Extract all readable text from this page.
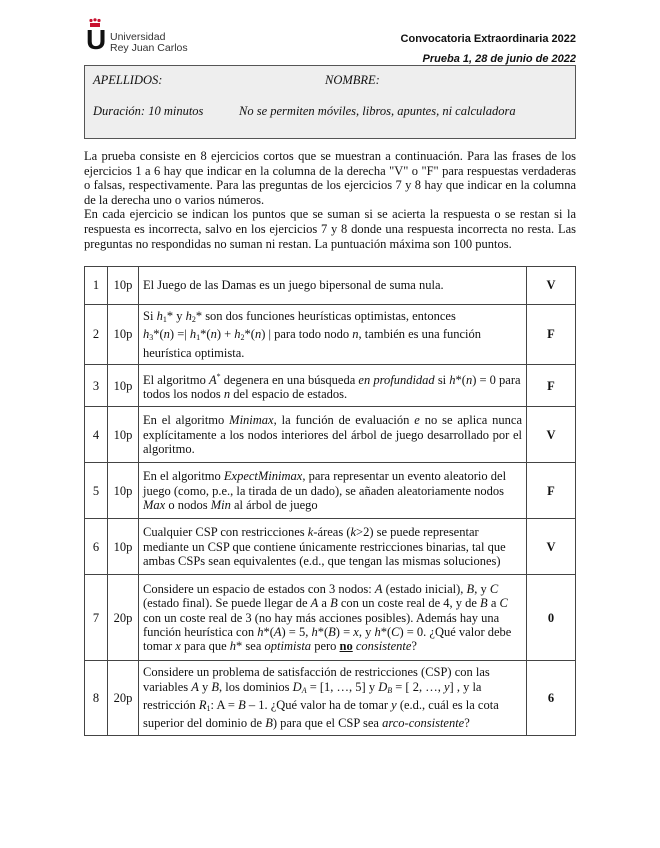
U Universidad
Rey Juan Carlos
Convocatoria Extraordinaria 2022
Prueba 1, 28 de junio de 2022
APELLIDOS:	NOMBRE:
Duración: 10 minutos	No se permiten móviles, libros, apuntes, ni calculadora

La prueba consiste en 8 ejercicios cortos que se muestran a continuación. Para las frases de los ejercicios 1 a 6 hay que indicar en la columna de la derecha "V" o "F" para respuestas verdaderas o falsas, respectivamente. Para las preguntas de los ejercicios 7 y 8 hay que indicar en la columna de la derecha uno o varios números.

En cada ejercicio se indican los puntos que se suman si se acierta la respuesta o se restan si la respuesta es incorrecta, salvo en los ejercicios 7 y 8 donde una respuesta incorrecta no resta. Las preguntas no respondidas no suman ni restan. La puntuación máxima son 100 puntos.

1	10p	El Juego de las Damas es un juego bipersonal de suma nula.	V
2	10p	Si $h_1*$ y $h_2*$ son dos funciones heurísticas optimistas, entonces
$h_3*(n)$ =| $h_1*(n) + h_2*(n)$ | para todo nodo n, también es una función heurística optimista.	F
3	10p	El algoritmo A* degenera en una búsqueda en profundidad si h*(n) = 0 para todos los nodos n del espacio de estados.	F
4	10p	En el algoritmo Minimax, la función de evaluación e no se aplica nunca explícitamente a los nodos interiores del árbol de juego desarrollado por el algoritmo.	V
5	10p	En el algoritmo ExpectMinimax, para representar un evento aleatorio del juego (como, p.e., la tirada de un dado), se añaden aleatoriamente nodos Max o nodos Min al árbol de juego	F
6	10p	Cualquier CSP con restricciones k-áreas (k>2) se puede representar mediante un CSP que contiene únicamente restricciones binarias, tal que ambas CSPs sean equivalentes (e.d., que tengan las mismas soluciones)	V
7	20p	Considere un espacio de estados con 3 nodos: A (estado inicial), B, y C (estado final). Se puede llegar de A a B con un coste real de 4, y de B a C con un coste real de 3 (no hay más acciones posibles). Además hay una función heurística con h*(A) = 5, h*(B) = x, y h*(C) = 0. ¿Qué valor debe tomar x para que h* sea optimista pero no consistente?	0
8	20p	Considere un problema de satisfacción de restricciones (CSP) con las variables A y B, los dominios $D_A = [1$, …, 5] y $D_B$ = [ 2, …, y] , y la restricción $R_1$: A = B – 1. ¿Qué valor ha de tomar y (e.d., cuál es la cota superior del dominio de B) para que el CSP sea arco-consistente?	6
